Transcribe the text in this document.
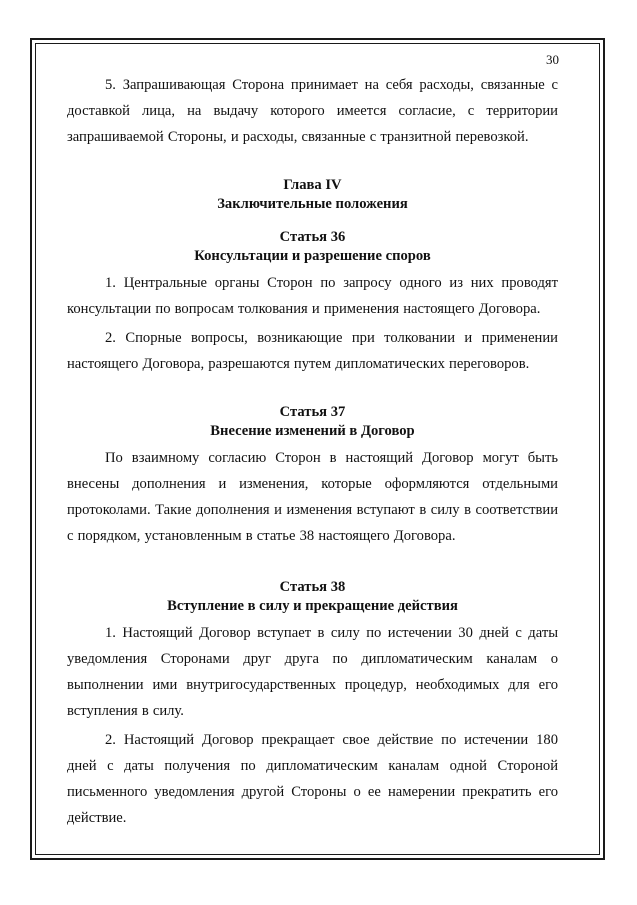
30

5. Запрашивающая Сторона принимает на себя расходы, связанные с доставкой лица, на выдачу которого имеется согласие, с территории запрашиваемой Стороны, и расходы, связанные с транзитной перевозкой.

Глава IV

Заключительные положения

Статья 36

Консультации и разрешение споров

1. Центральные органы Сторон по запросу одного из них проводят консультации по вопросам толкования и применения настоящего Договора.

2. Спорные вопросы, возникающие при толковании и применении настоящего Договора, разрешаются путем дипломатических переговоров.

Статья 37

Внесение изменений в Договор

По взаимному согласию Сторон в настоящий Договор могут быть внесены дополнения и изменения, которые оформляются отдельными протоколами. Такие дополнения и изменения вступают в силу в соответствии с порядком, установленным в статье 38 настоящего Договора.

Статья 38

Вступление в силу и прекращение действия

1. Настоящий Договор вступает в силу по истечении 30 дней с даты уведомления Сторонами друг друга по дипломатическим каналам о выполнении ими внутригосударственных процедур, необходимых для его вступления в силу.

2. Настоящий Договор прекращает свое действие по истечении 180 дней с даты получения по дипломатическим каналам одной Стороной письменного уведомления другой Стороны о ее намерении прекратить его действие.
